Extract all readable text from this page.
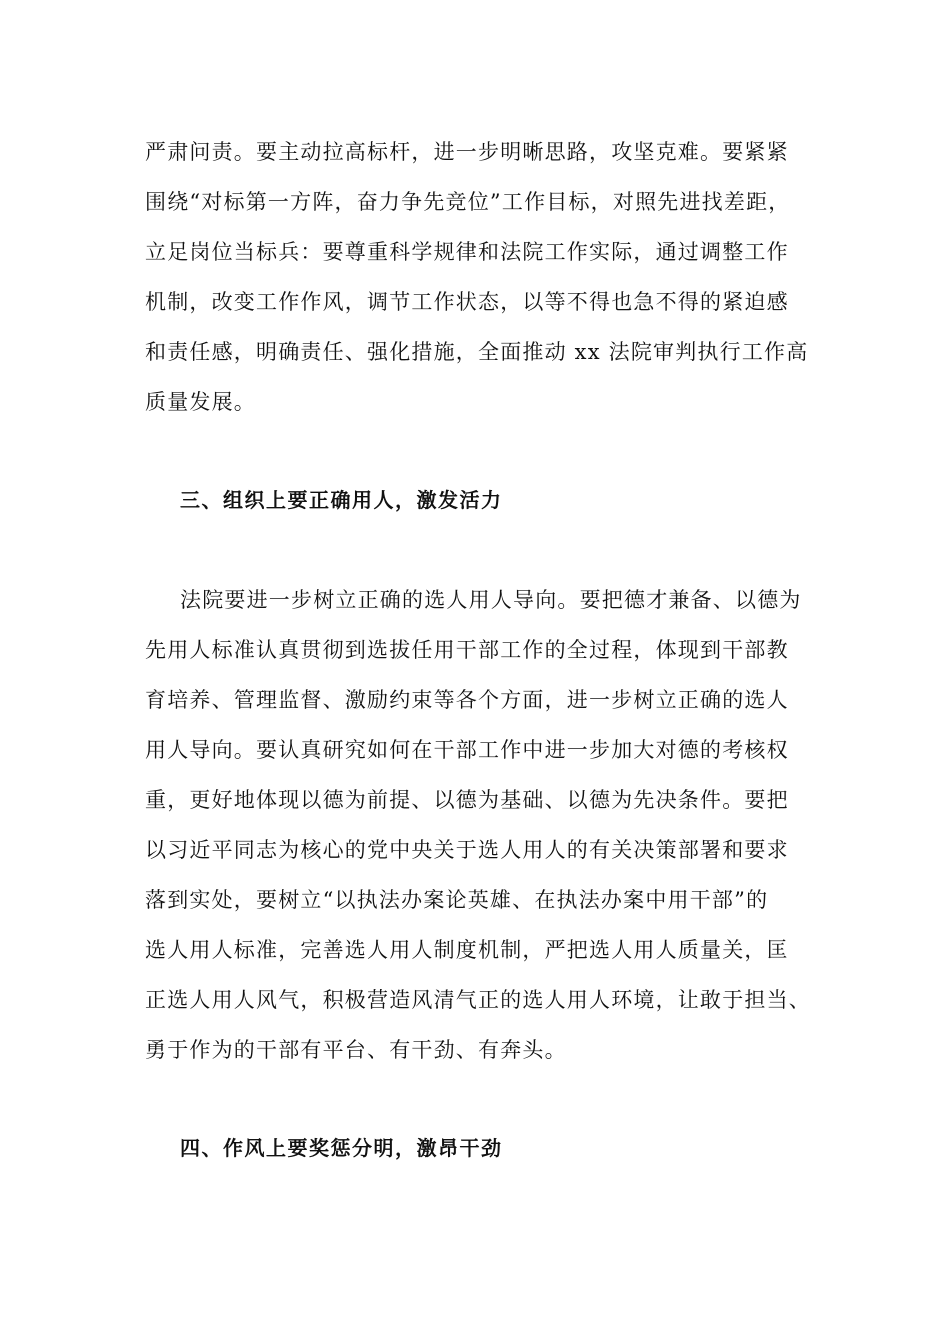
严肃问责。要主动拉高标杆，进一步明晰思路，攻坚克难。要紧紧
围绕“对标第一方阵，奋力争先竞位”工作目标，对照先进找差距，
立足岗位当标兵：要尊重科学规律和法院工作实际，通过调整工作
机制，改变工作作风，调节工作状态，以等不得也急不得的紧迫感
和责任感，明确责任、强化措施，全面推动 xx 法院审判执行工作高
质量发展。
三、组织上要正确用人，激发活力
法院要进一步树立正确的选人用人导向。要把德才兼备、以德为
先用人标准认真贯彻到选拔任用干部工作的全过程，体现到干部教
育培养、管理监督、激励约束等各个方面，进一步树立正确的选人
用人导向。要认真研究如何在干部工作中进一步加大对德的考核权
重，更好地体现以德为前提、以德为基础、以德为先决条件。要把
以习近平同志为核心的党中央关于选人用人的有关决策部署和要求
落到实处，要树立“以执法办案论英雄、在执法办案中用干部”的
选人用人标准，完善选人用人制度机制，严把选人用人质量关，匡
正选人用人风气，积极营造风清气正的选人用人环境，让敢于担当、
勇于作为的干部有平台、有干劲、有奔头。
四、作风上要奖惩分明，激昂干劲
